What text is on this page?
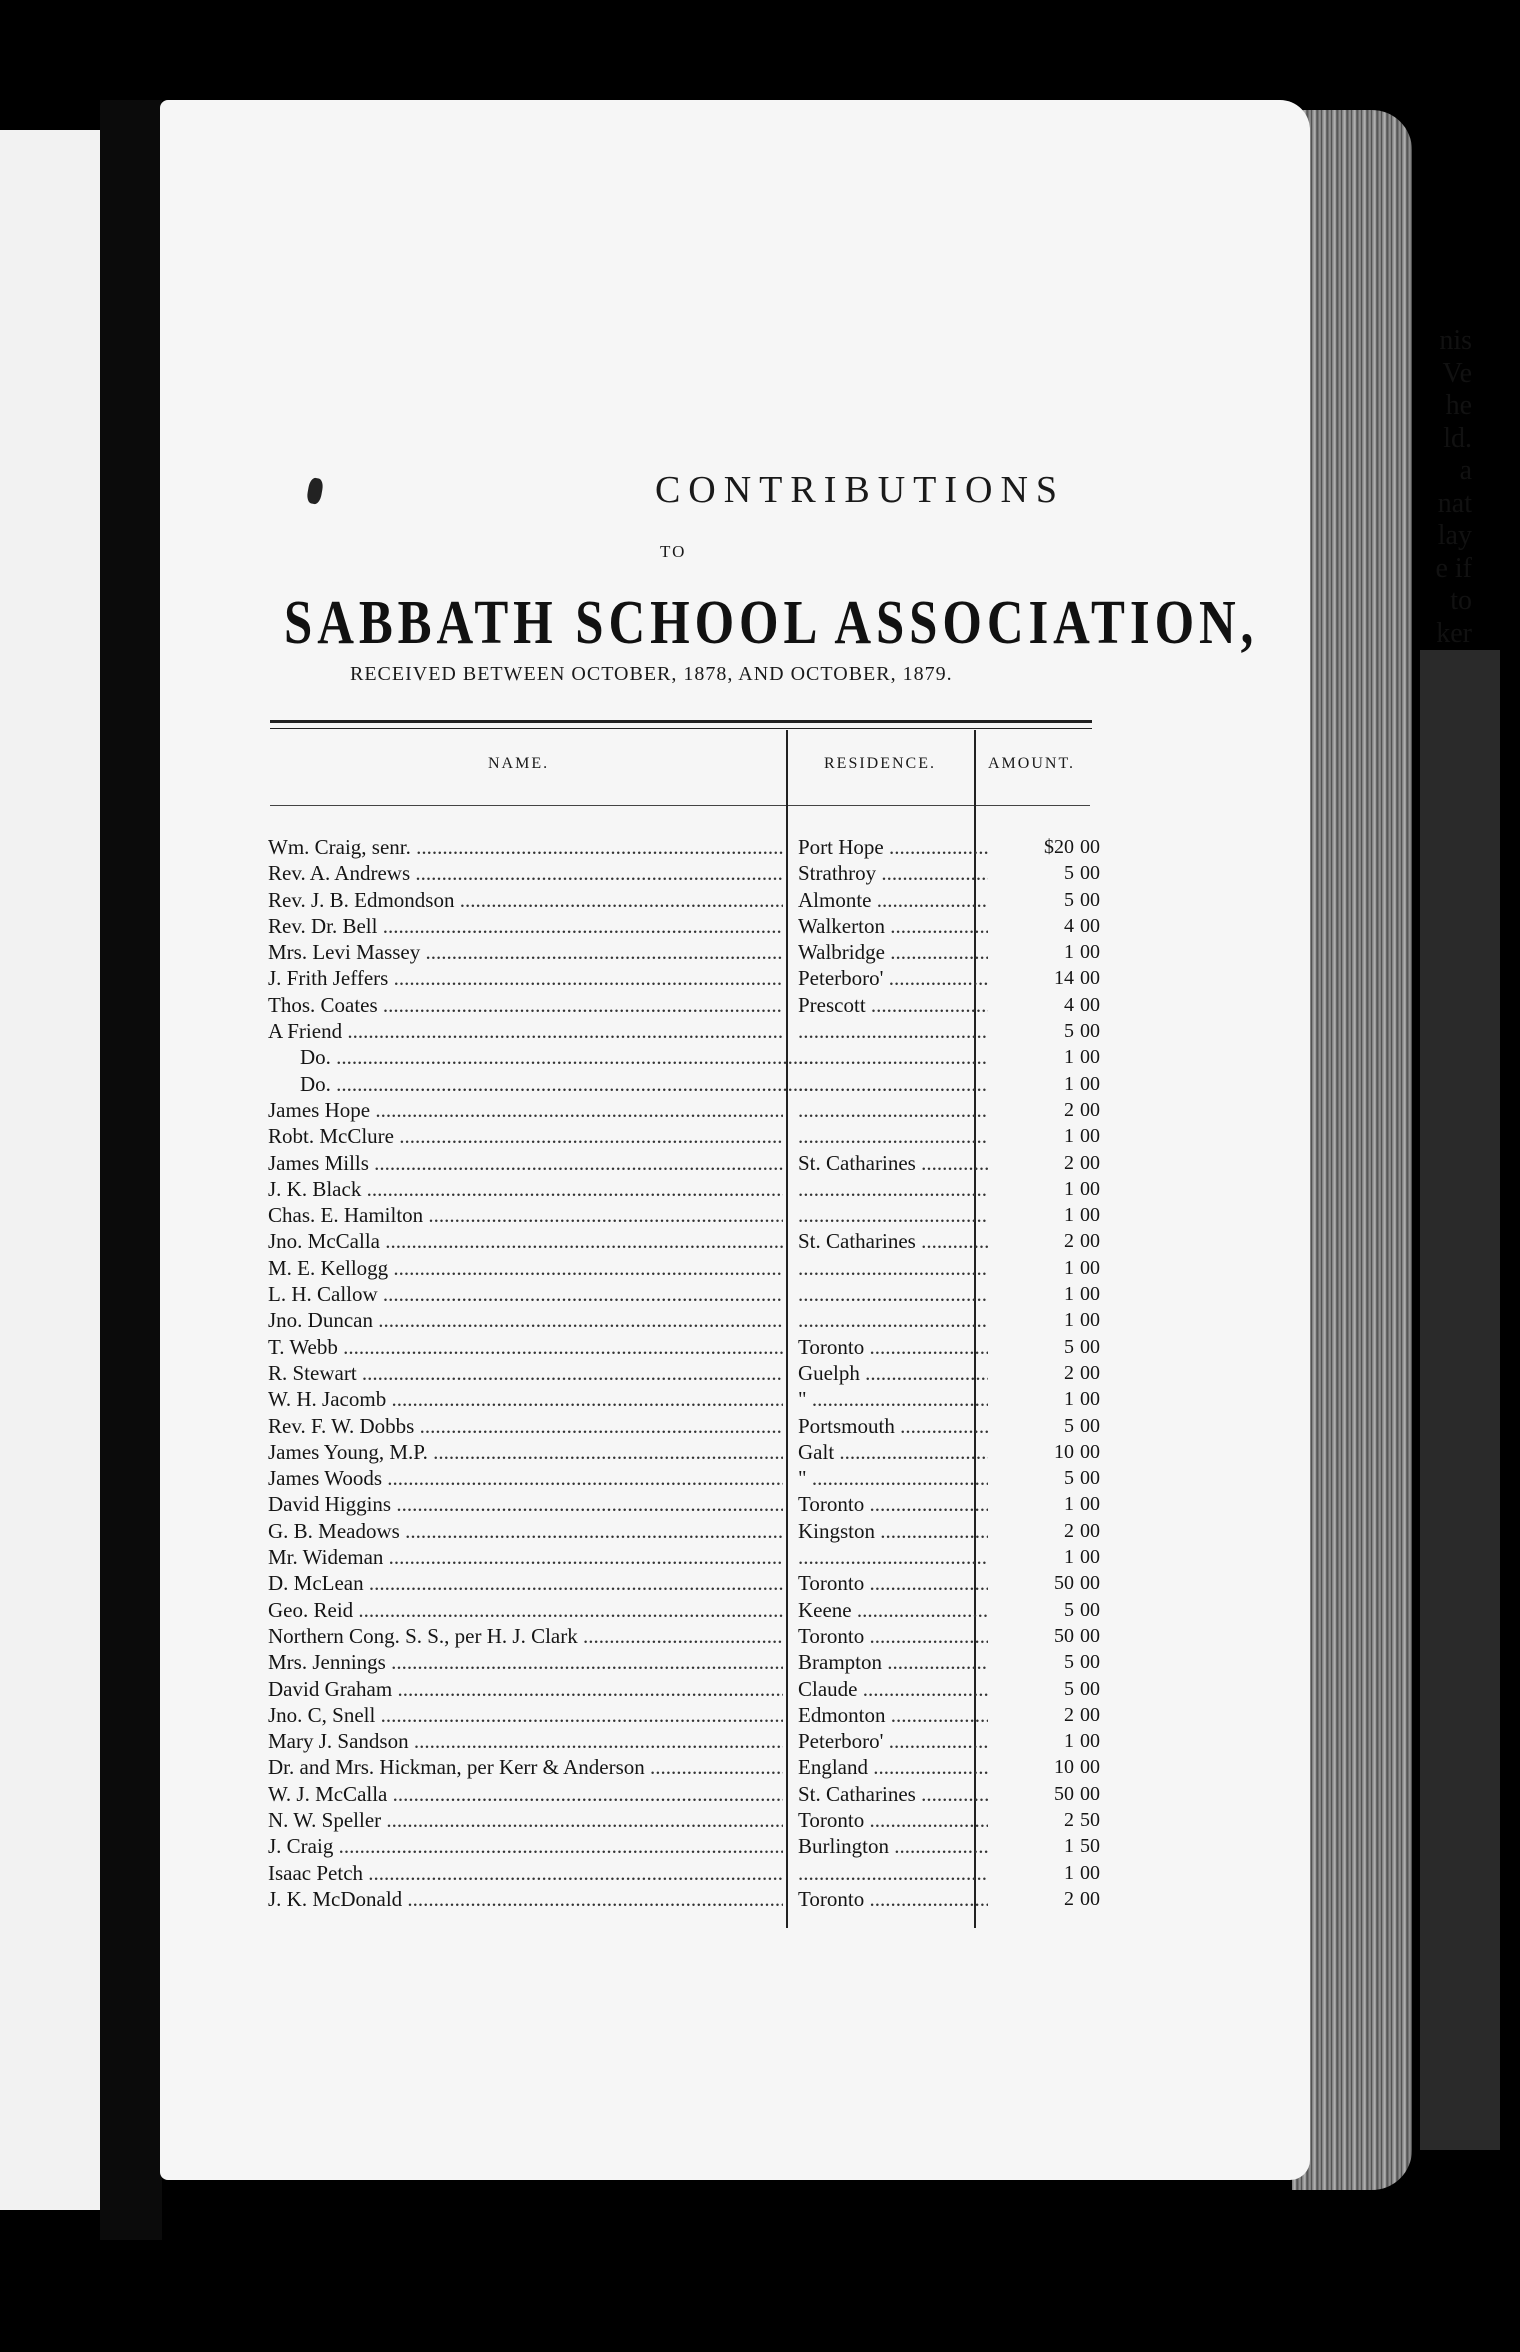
nis
Ve
he
ld.
a
nat
lay
e if
to
ker
CONTRIBUTIONS
TO
SABBATH SCHOOL ASSOCIATION,
RECEIVED BETWEEN OCTOBER, 1878, AND OCTOBER, 1879.
NAME.	RESIDENCE.	AMOUNT.
Wm. Craig, senr. .....	Port Hope .....	$20 00
Rev. A. Andrews .....	Strathroy .....	5 00
Rev. J. B. Edmondson .....	Almonte .....	5 00
Rev. Dr. Bell .....	Walkerton .....	4 00
Mrs. Levi Massey .....	Walbridge .....	1 00
J. Frith Jeffers .....	Peterboro' .....	14 00
Thos. Coates .....	Prescott .....	4 00
A Friend ..... .....	5 00
Do. ..... .....	1 00
Do. ..... .....	1 00
James Hope ..... .....	2 00
Robt. McClure ..... .....	1 00
James Mills .....	St. Catharines .....	2 00
J. K. Black ..... .....	1 00
Chas. E. Hamilton ..... .....	1 00
Jno. McCalla .....	St. Catharines .....	2 00
M. E. Kellogg ..... .....	1 00
L. H. Callow ..... .....	1 00
Jno. Duncan ..... .....	1 00
T. Webb .....	Toronto .....	5 00
R. Stewart .....	Guelph .....	2 00
W. H. Jacomb .....	" .....	1 00
Rev. F. W. Dobbs .....	Portsmouth .....	5 00
James Young, M.P. .....	Galt .....	10 00
James Woods .....	" .....	5 00
David Higgins .....	Toronto .....	1 00
G. B. Meadows .....	Kingston .....	2 00
Mr. Wideman ..... .....	1 00
D. McLean .....	Toronto .....	50 00
Geo. Reid .....	Keene .....	5 00
Northern Cong. S. S., per H. J. Clark .....	Toronto .....	50 00
Mrs. Jennings .....	Brampton .....	5 00
David Graham .....	Claude .....	5 00
Jno. C, Snell .....	Edmonton .....	2 00
Mary J. Sandson .....	Peterboro' .....	1 00
Dr. and Mrs. Hickman, per Kerr & Anderson .....	England .....	10 00
W. J. McCalla .....	St. Catharines .....	50 00
N. W. Speller .....	Toronto .....	2 50
J. Craig .....	Burlington .....	1 50
Isaac Petch ..... .....	1 00
J. K. McDonald .....	Toronto .....	2 00
